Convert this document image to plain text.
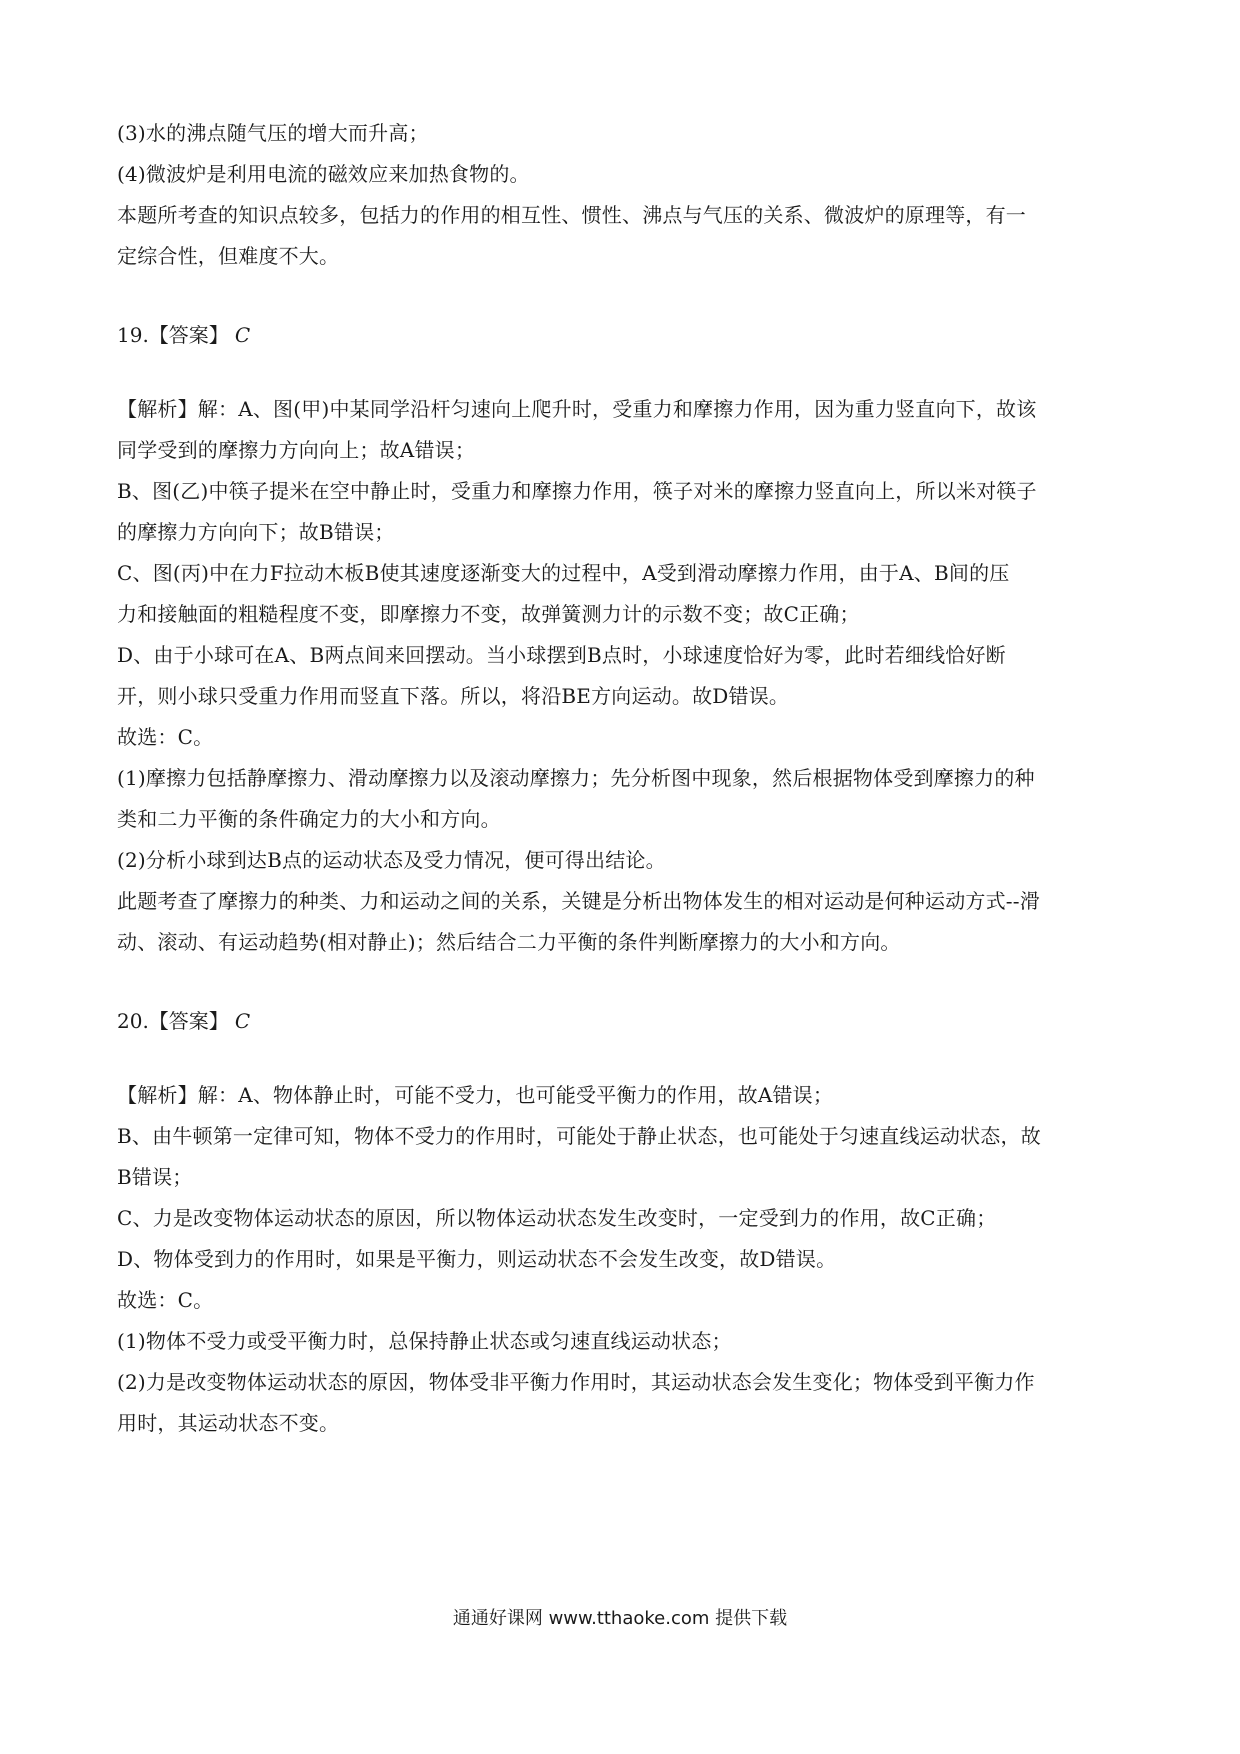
(3)水的沸点随气压的增大而升高；
(4)微波炉是利用电流的磁效应来加热食物的。
本题所考查的知识点较多，包括力的作用的相互性、惯性、沸点与气压的关系、微波炉的原理等，有一
定综合性，但难度不大。
19.【答案】 C
【解析】解：A、图(甲)中某同学沿杆匀速向上爬升时，受重力和摩擦力作用，因为重力竖直向下，故该
同学受到的摩擦力方向向上；故A错误；
B、图(乙)中筷子提米在空中静止时，受重力和摩擦力作用，筷子对米的摩擦力竖直向上，所以米对筷子
的摩擦力方向向下；故B错误；
C、图(丙)中在力F拉动木板B使其速度逐渐变大的过程中，A受到滑动摩擦力作用，由于A、B间的压
力和接触面的粗糙程度不变，即摩擦力不变，故弹簧测力计的示数不变；故C正确；
D、由于小球可在A、B两点间来回摆动。当小球摆到B点时，小球速度恰好为零，此时若细线恰好断
开，则小球只受重力作用而竖直下落。所以，将沿BE方向运动。故D错误。
故选：C。
(1)摩擦力包括静摩擦力、滑动摩擦力以及滚动摩擦力；先分析图中现象，然后根据物体受到摩擦力的种
类和二力平衡的条件确定力的大小和方向。
(2)分析小球到达B点的运动状态及受力情况，便可得出结论。
此题考查了摩擦力的种类、力和运动之间的关系，关键是分析出物体发生的相对运动是何种运动方式--滑
动、滚动、有运动趋势(相对静止)；然后结合二力平衡的条件判断摩擦力的大小和方向。
20.【答案】 C
【解析】解：A、物体静止时，可能不受力，也可能受平衡力的作用，故A错误；
B、由牛顿第一定律可知，物体不受力的作用时，可能处于静止状态，也可能处于匀速直线运动状态，故
B错误；
C、力是改变物体运动状态的原因，所以物体运动状态发生改变时，一定受到力的作用，故C正确；
D、物体受到力的作用时，如果是平衡力，则运动状态不会发生改变，故D错误。
故选：C。
(1)物体不受力或受平衡力时，总保持静止状态或匀速直线运动状态；
(2)力是改变物体运动状态的原因，物体受非平衡力作用时，其运动状态会发生变化；物体受到平衡力作
用时，其运动状态不变。
通通好课网 www.tthaoke.com 提供下载
